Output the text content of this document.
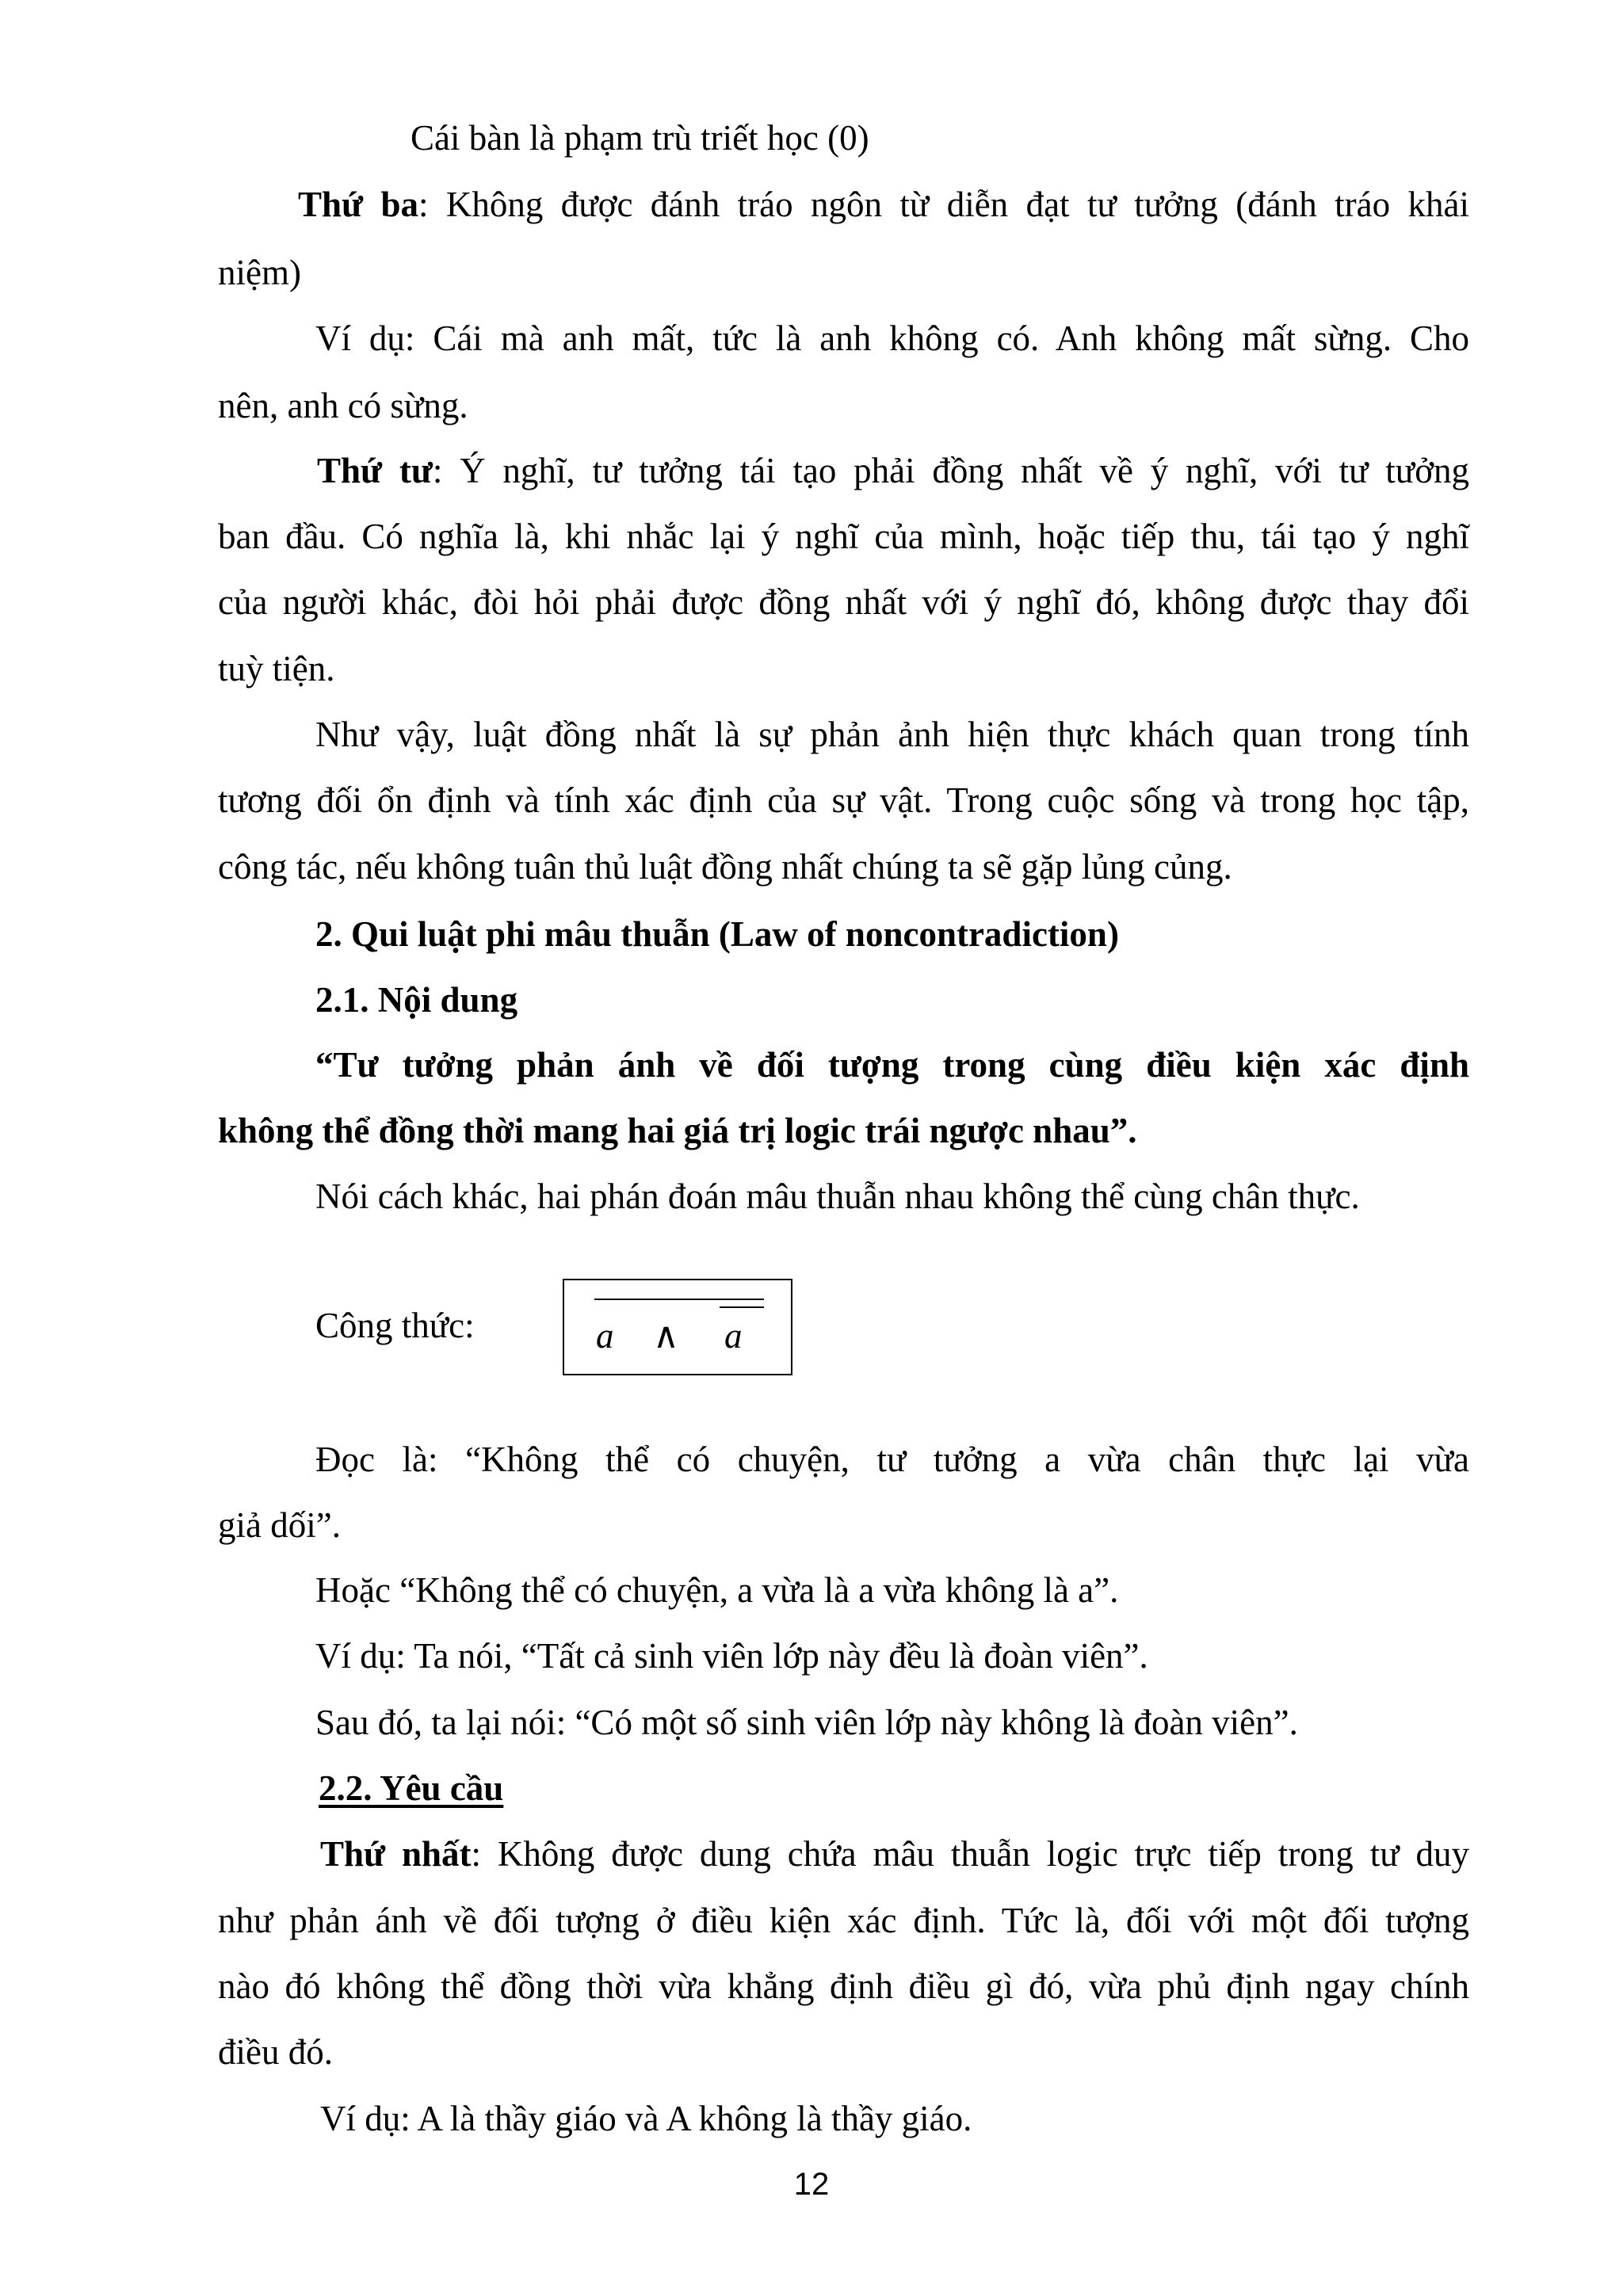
Cái bàn là phạm trù triết học (0)
Thứ ba: Không được đánh tráo ngôn từ diễn đạt tư tưởng (đánh tráo khái
niệm)
Ví dụ: Cái mà anh mất, tức là anh không có. Anh không mất sừng. Cho
nên, anh có sừng.
Thứ tư: Ý nghĩ, tư tưởng tái tạo phải đồng nhất về ý nghĩ, với tư tưởng
ban đầu. Có nghĩa là, khi nhắc lại ý nghĩ của mình, hoặc tiếp thu, tái tạo ý nghĩ
của người khác, đòi hỏi phải được đồng nhất với ý nghĩ đó, không được thay đổi
tuỳ tiện.
Như vậy, luật đồng nhất là sự phản ảnh hiện thực khách quan trong tính
tương đối ổn định và tính xác định của sự vật. Trong cuộc sống và trong học tập,
công tác, nếu không tuân thủ luật đồng nhất chúng ta sẽ gặp lủng củng.
2. Qui luật phi mâu thuẫn (Law of noncontradiction)
2.1. Nội dung
“Tư tưởng phản ánh về đối tượng trong cùng điều kiện xác định
không thể đồng thời mang hai giá trị logic trái ngược nhau”.
Nói cách khác, hai phán đoán mâu thuẫn nhau không thể cùng chân thực.
Công thức:	a ∧ a
Đọc là: “Không thể có chuyện, tư tưởng a vừa chân thực lại vừa
giả dối”.
Hoặc “Không thể có chuyện, a vừa là a vừa không là a”.
Ví dụ: Ta nói, “Tất cả sinh viên lớp này đều là đoàn viên”.
Sau đó, ta lại nói: “Có một số sinh viên lớp này không là đoàn viên”.
2.2. Yêu cầu
Thứ nhất: Không được dung chứa mâu thuẫn logic trực tiếp trong tư duy
như phản ánh về đối tượng ở điều kiện xác định. Tức là, đối với một đối tượng
nào đó không thể đồng thời vừa khẳng định điều gì đó, vừa phủ định ngay chính
điều đó.
Ví dụ: A là thầy giáo và A không là thầy giáo.
12
